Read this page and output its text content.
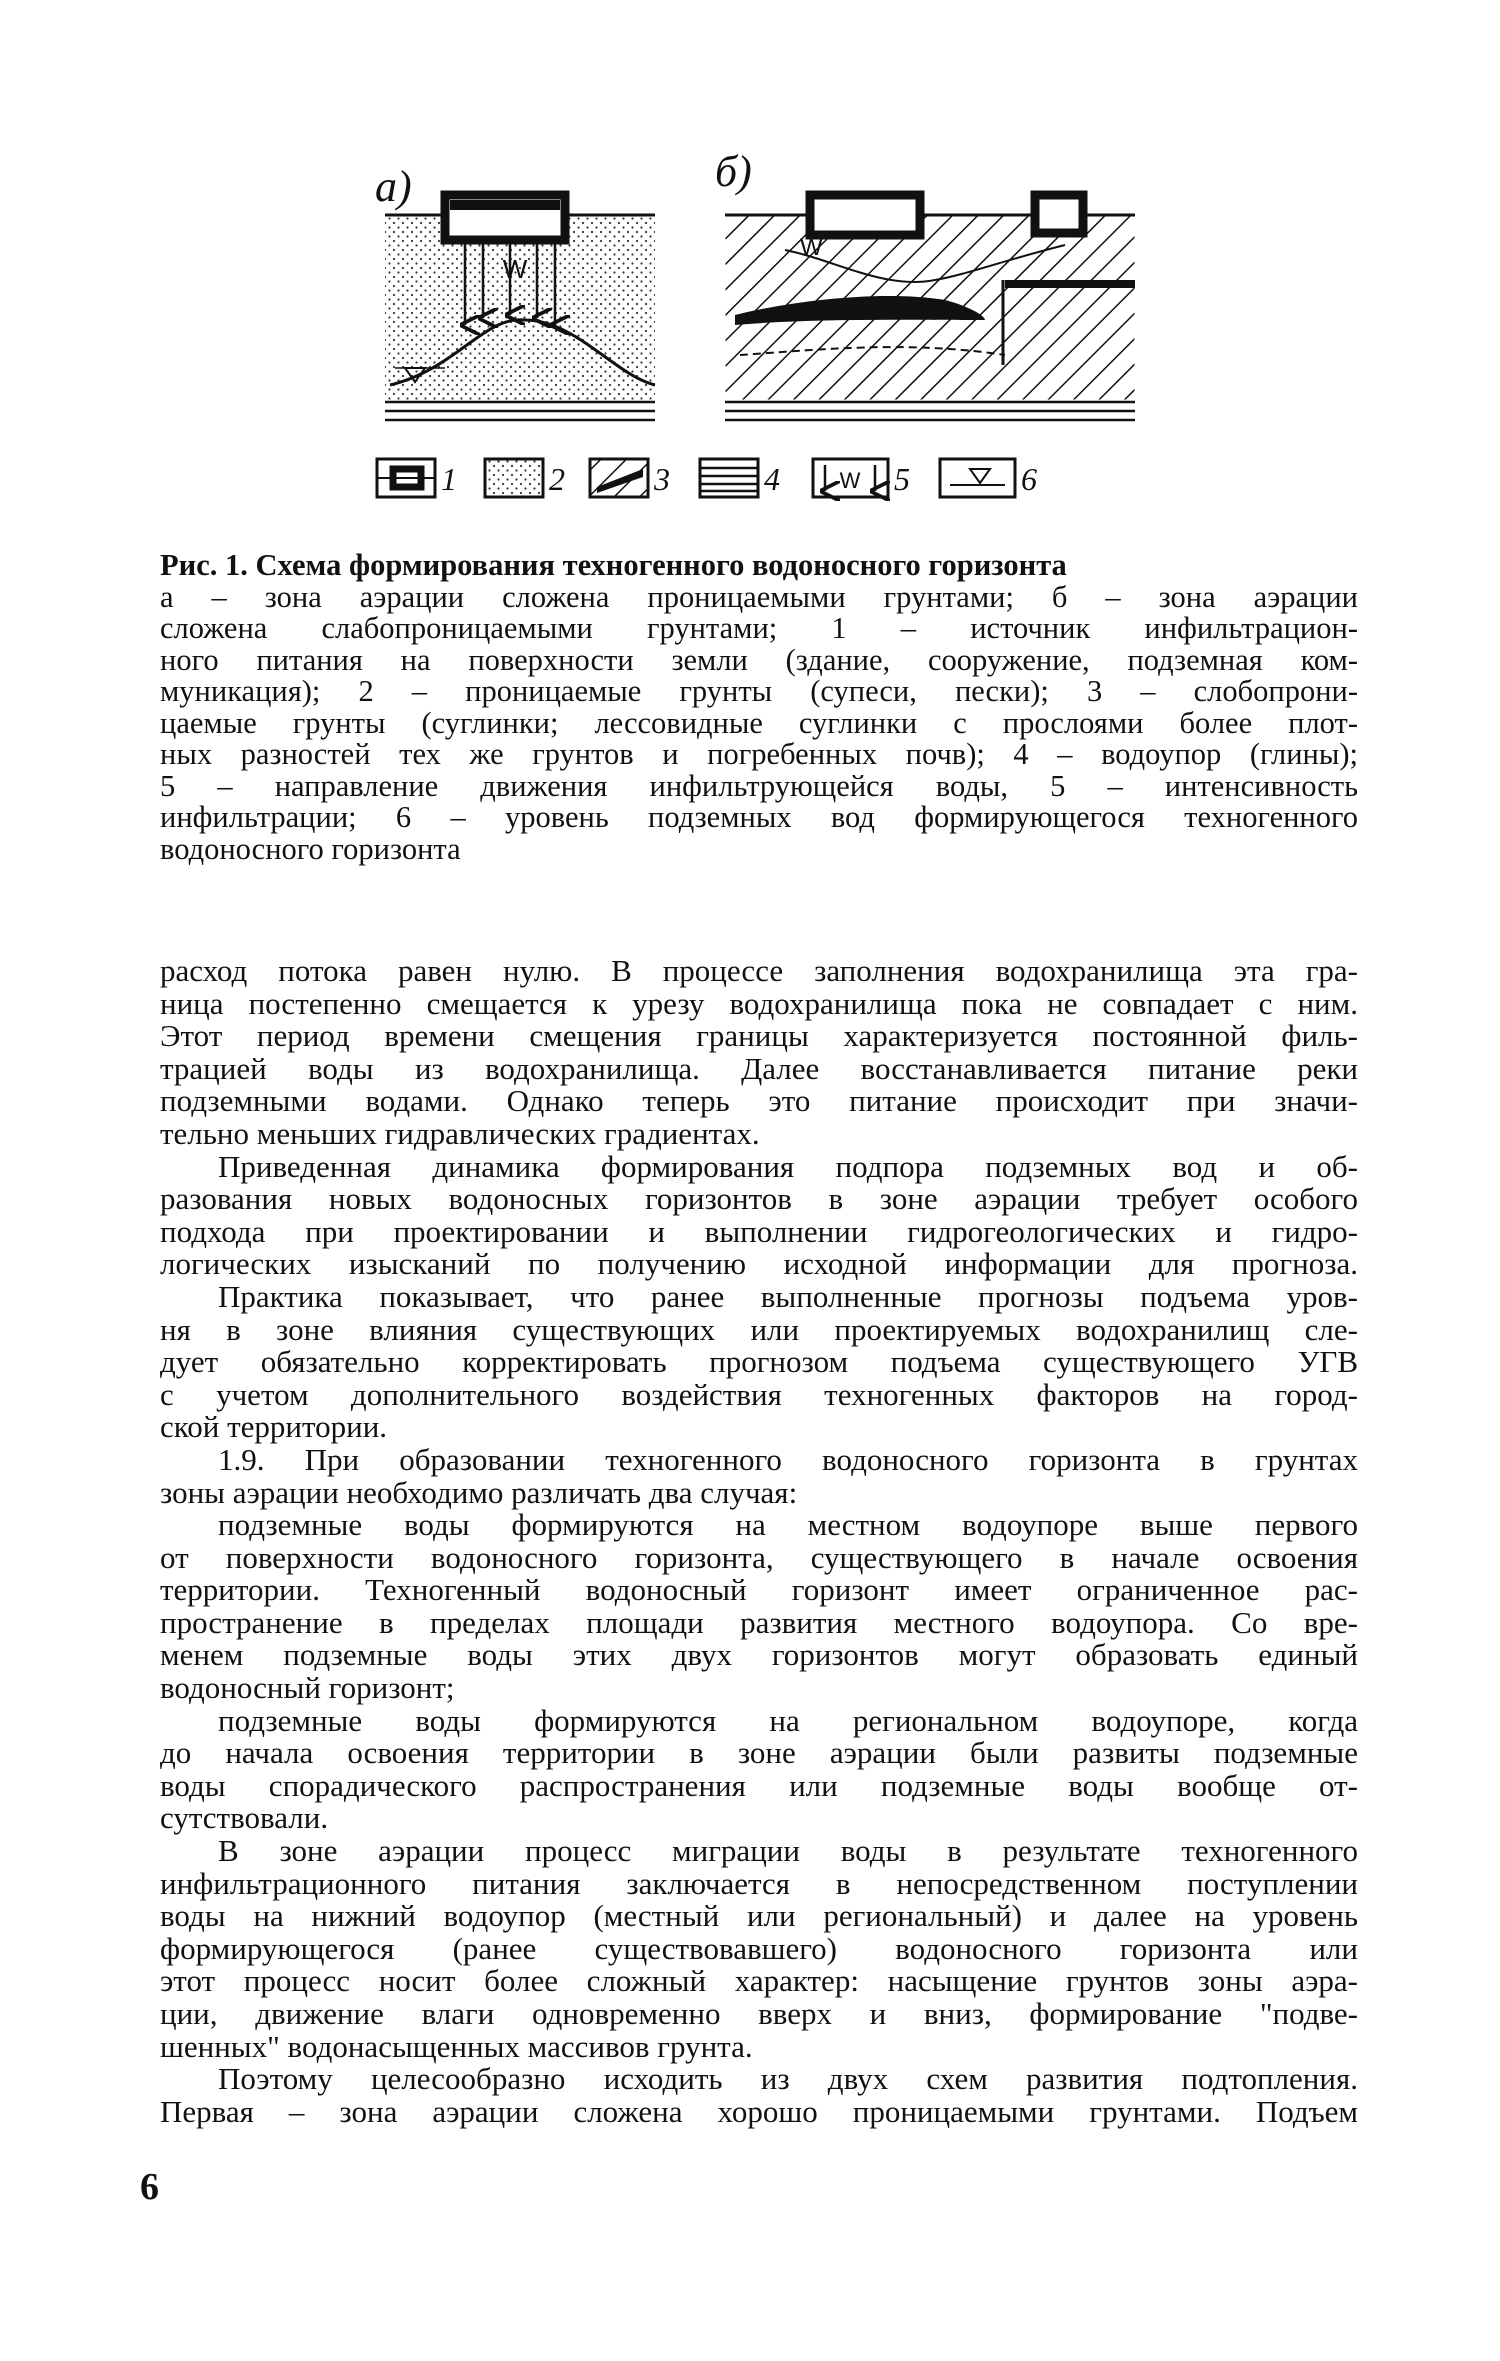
а)	б)
W
W
W
1	2	3	4	5	6
Рис. 1. Схема формирования техногенного водоносного горизонта
а – зона аэрации сложена проницаемыми грунтами; б – зона аэрации
сложена слабопроницаемыми грунтами; 1 – источник инфильтрацион-
ного питания на поверхности земли (здание, сооружение, подземная ком-
муникация); 2 – проницаемые грунты (супеси, пески); 3 – слобопрони-
цаемые грунты (суглинки; лессовидные суглинки с прослоями более плот-
ных разностей тех же грунтов и погребенных почв); 4 – водоупор (глины);
5 – направление движения инфильтрующейся воды, 5 – интенсивность
инфильтрации; 6 – уровень подземных вод формирующегося техногенного
водоносного горизонта
расход потока равен нулю. В процессе заполнения водохранилища эта гра-
ница постепенно смещается к урезу водохранилища пока не совпадает с ним.
Этот период времени смещения границы характеризуется постоянной филь-
трацией воды из водохранилища. Далее восстанавливается питание реки
подземными водами. Однако теперь это питание происходит при значи-
тельно меньших гидравлических градиентах.
Приведенная динамика формирования подпора подземных вод и об-
разования новых водоносных горизонтов в зоне аэрации требует особого
подхода при проектировании и выполнении гидрогеологических и гидро-
логических изысканий по получению исходной информации для прогноза.
Практика показывает, что ранее выполненные прогнозы подъема уров-
ня в зоне влияния существующих или проектируемых водохранилищ сле-
дует обязательно корректировать прогнозом подъема существующего УГВ
с учетом дополнительного воздействия техногенных факторов на город-
ской территории.
1.9. При образовании техногенного водоносного горизонта в грунтах
зоны аэрации необходимо различать два случая:
подземные воды формируются на местном водоупоре выше первого
от поверхности водоносного горизонта, существующего в начале освоения
территории. Техногенный водоносный горизонт имеет ограниченное рас-
пространение в пределах площади развития местного водоупора. Со вре-
менем подземные воды этих двух горизонтов могут образовать единый
водоносный горизонт;
подземные воды формируются на региональном водоупоре, когда
до начала освоения территории в зоне аэрации были развиты подземные
воды спорадического распространения или подземные воды вообще от-
сутствовали.
В зоне аэрации процесс миграции воды в результате техногенного
инфильтрационного питания заключается в непосредственном поступлении
воды на нижний водоупор (местный или региональный) и далее на уровень
формирующегося (ранее существовавшего) водоносного горизонта или
этот процесс носит более сложный характер: насыщение грунтов зоны аэра-
ции, движение влаги одновременно вверх и вниз, формирование "подве-
шенных" водонасыщенных массивов грунта.
Поэтому целесообразно исходить из двух схем развития подтопления.
Первая – зона аэрации сложена хорошо проницаемыми грунтами. Подъем
6
